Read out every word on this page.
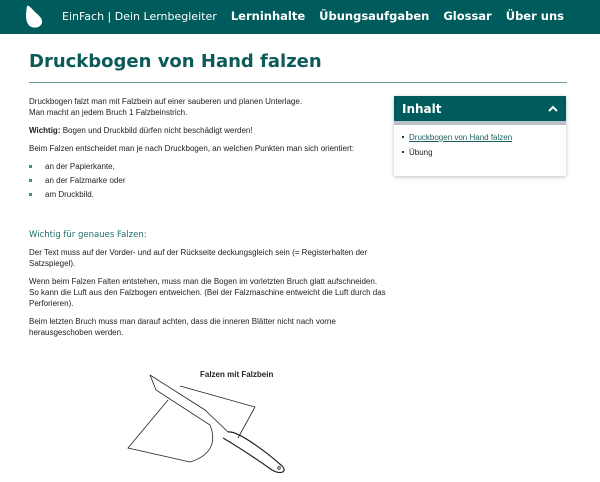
EinFach | Dein Lernbegleiter Lerninhalte Übungsaufgaben Glossar Über uns
Druckbogen von Hand falzen

Druckbogen falzt man mit Falzbein auf einer sauberen und planen Unterlage.
Man macht an jedem Bruch 1 Falzbeinstrich.

Wichtig: Bogen und Druckbild dürfen nicht beschädigt werden!

Beim Falzen entscheidet man je nach Druckbogen, an welchen Punkten man sich orientiert:

an der Papierkante,
an der Falzmarke oder
am Druckbild.
Wichtig für genaues Falzen:

Der Text muss auf der Vorder- und auf der Rückseite deckungsgleich sein (= Registerhalten der Satzspiegel).

Wenn beim Falzen Falten entstehen, muss man die Bogen im vorletzten Bruch glatt aufschneiden. So kann die Luft aus den Falzbogen entweichen. (Bei der Falzmaschine entweicht die Luft durch das Perforieren).

Beim letzten Bruch muss man darauf achten, dass die inneren Blätter nicht nach vorne herausgeschoben werden.

Inhalt
Druckbogen von Hand falzen
Übung
Falzen mit Falzbein
